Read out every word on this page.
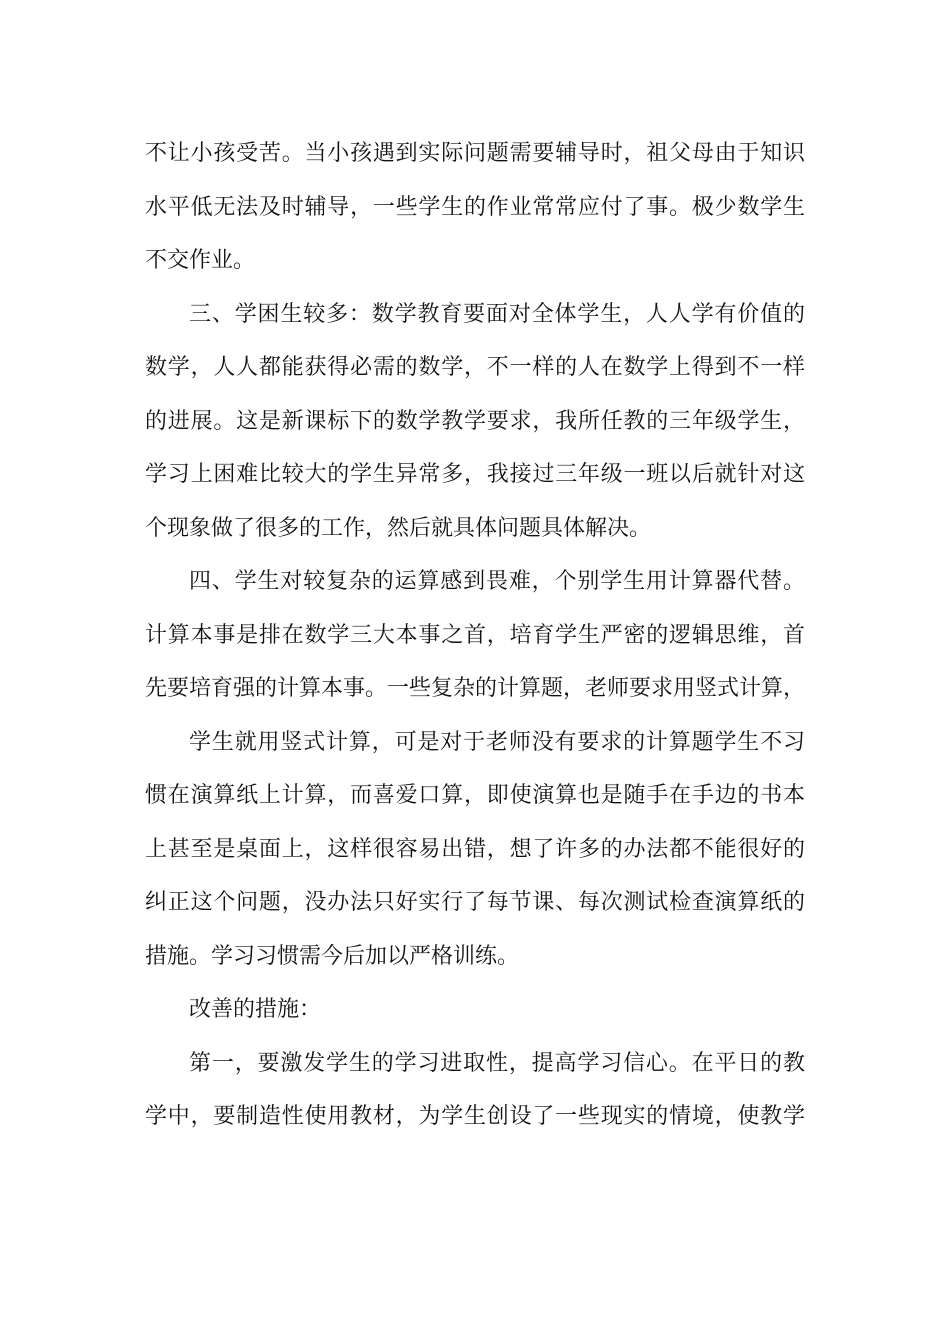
不让小孩受苦。当小孩遇到实际问题需要辅导时，祖父母由于知识
水平低无法及时辅导，一些学生的作业常常应付了事。极少数学生
不交作业。
三、学困生较多：数学教育要面对全体学生，人人学有价值的
数学，人人都能获得必需的数学，不一样的人在数学上得到不一样
的进展。这是新课标下的数学教学要求，我所任教的三年级学生，
学习上困难比较大的学生异常多，我接过三年级一班以后就针对这
个现象做了很多的工作，然后就具体问题具体解决。
四、学生对较复杂的运算感到畏难，个别学生用计算器代替。
计算本事是排在数学三大本事之首，培育学生严密的逻辑思维，首
先要培育强的计算本事。一些复杂的计算题，老师要求用竖式计算，
学生就用竖式计算，可是对于老师没有要求的计算题学生不习
惯在演算纸上计算，而喜爱口算，即使演算也是随手在手边的书本
上甚至是桌面上，这样很容易出错，想了许多的办法都不能很好的
纠正这个问题，没办法只好实行了每节课、每次测试检查演算纸的
措施。学习习惯需今后加以严格训练。
改善的措施：
第一，要激发学生的学习进取性，提高学习信心。在平日的教
学中，要制造性使用教材，为学生创设了一些现实的情境，使教学
